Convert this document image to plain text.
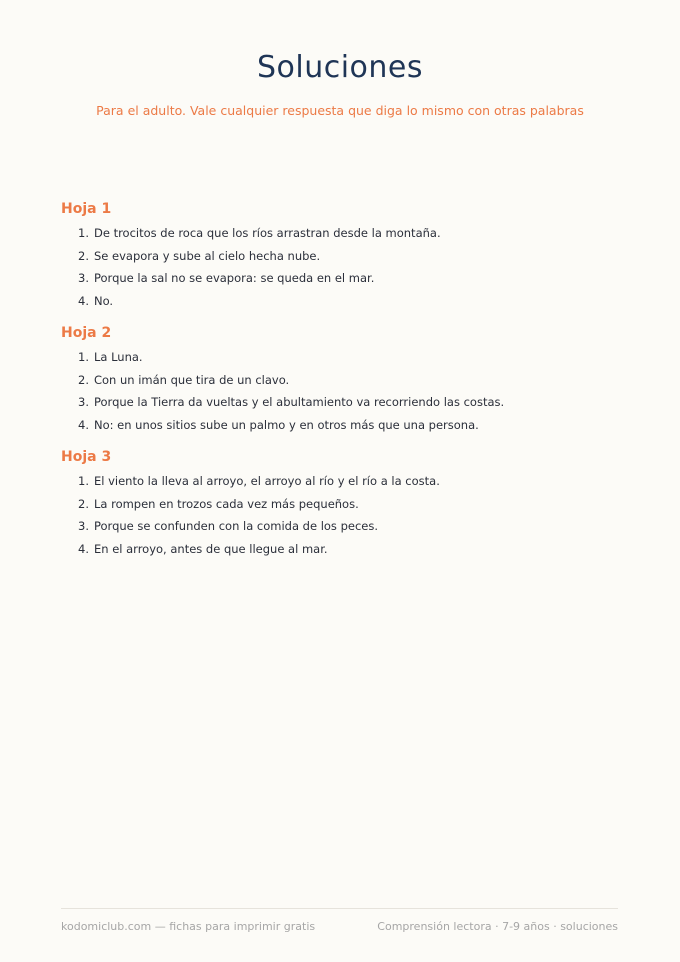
Soluciones

Para el adulto. Vale cualquier respuesta que diga lo mismo con otras palabras

Hoja 1
1. De trocitos de roca que los ríos arrastran desde la montaña.
2. Se evapora y sube al cielo hecha nube.
3. Porque la sal no se evapora: se queda en el mar.
4. No.
Hoja 2
1. La Luna.
2. Con un imán que tira de un clavo.
3. Porque la Tierra da vueltas y el abultamiento va recorriendo las costas.
4. No: en unos sitios sube un palmo y en otros más que una persona.
Hoja 3
1. El viento la lleva al arroyo, el arroyo al río y el río a la costa.
2. La rompen en trozos cada vez más pequeños.
3. Porque se confunden con la comida de los peces.
4. En el arroyo, antes de que llegue al mar.
kodomiclub.com — fichas para imprimir gratis	Comprensión lectora · 7-9 años · soluciones
